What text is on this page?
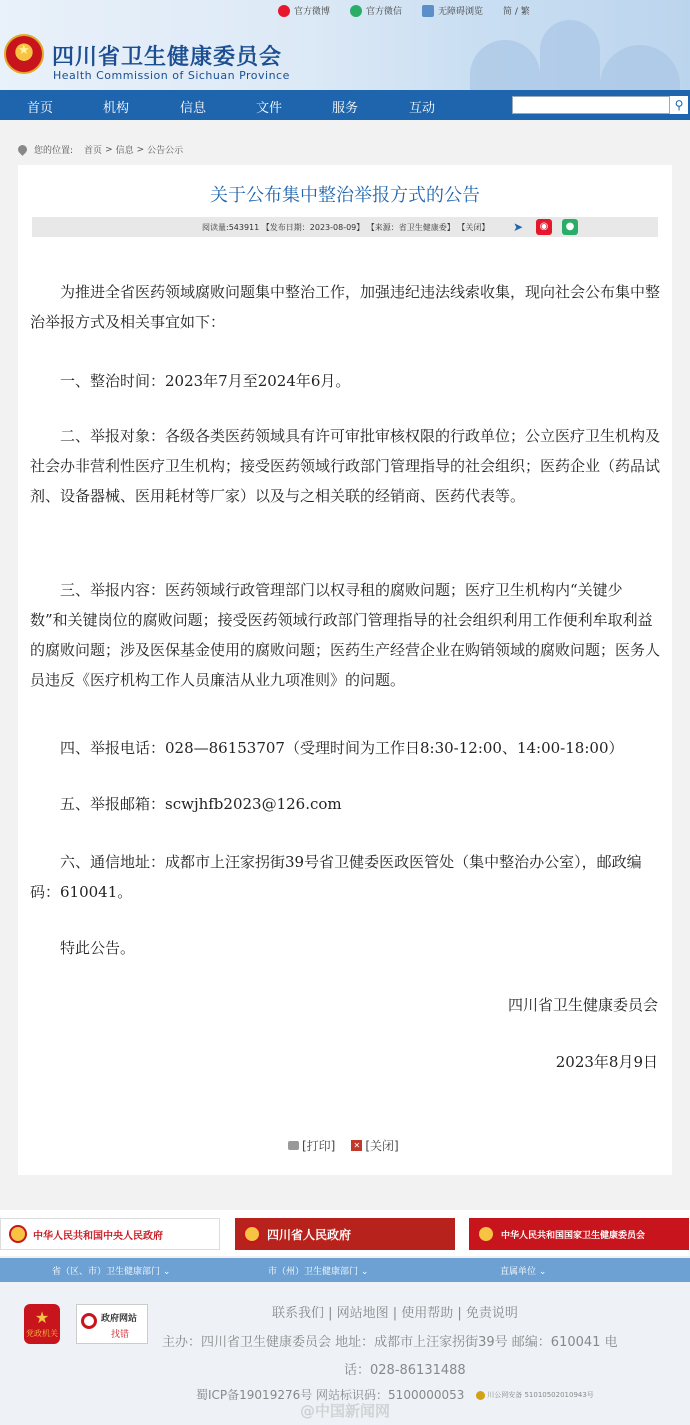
官方微博	官方微信	无障碍浏览 简 / 繁
★
四川省卫生健康委员会
Health Commission of Sichuan Province
首页	机构	信息	文件	服务	互动	⚲
您的位置: 首页 > 信息 > 公告公示
关于公布集中整治举报方式的公告
阅读量:543911 【发布日期：2023-08-09】 【来源：省卫生健康委】 【关闭】 ➤	◉	●
为推进全省医药领域腐败问题集中整治工作，加强违纪违法线索收集，现向社会公布集中整治举报方式及相关事宜如下：
一、整治时间：2023年7月至2024年6月。
二、举报对象：各级各类医药领域具有许可审批审核权限的行政单位；公立医疗卫生机构及社会办非营利性医疗卫生机构；接受医药领域行政部门管理指导的社会组织；医药企业（药品试剂、设备器械、医用耗材等厂家）以及与之相关联的经销商、医药代表等。
三、举报内容：医药领域行政管理部门以权寻租的腐败问题；医疗卫生机构内“关键少数”和关键岗位的腐败问题；接受医药领域行政部门管理指导的社会组织利用工作便利牟取利益的腐败问题；涉及医保基金使用的腐败问题；医药生产经营企业在购销领域的腐败问题；医务人员违反《医疗机构工作人员廉洁从业九项准则》的问题。
四、举报电话：028—86153707（受理时间为工作日8:30-12:00、14:00-18:00）
五、举报邮箱：scwjhfb2023@126.com
六、通信地址：成都市上汪家拐街39号省卫健委医政医管处（集中整治办公室），邮政编码：610041。
特此公告。
四川省卫生健康委员会
2023年8月9日
[打印] ✕ [关闭]
中华人民共和国中央人民政府	四川省人民政府	中华人民共和国国家卫生健康委员会
省（区、市）卫生健康部门 ⌄	市（州）卫生健康部门 ⌄	直属单位 ⌄
★
党政机关
政府网站
找错
联系我们 | 网站地图 | 使用帮助 | 免责说明
主办：四川省卫生健康委员会 地址：成都市上汪家拐街39号 邮编：610041 电
话：028-86131488
蜀ICP备19019276号 网站标识码：5100000053	川公网安备 51010502010943号
@中国新闻网
